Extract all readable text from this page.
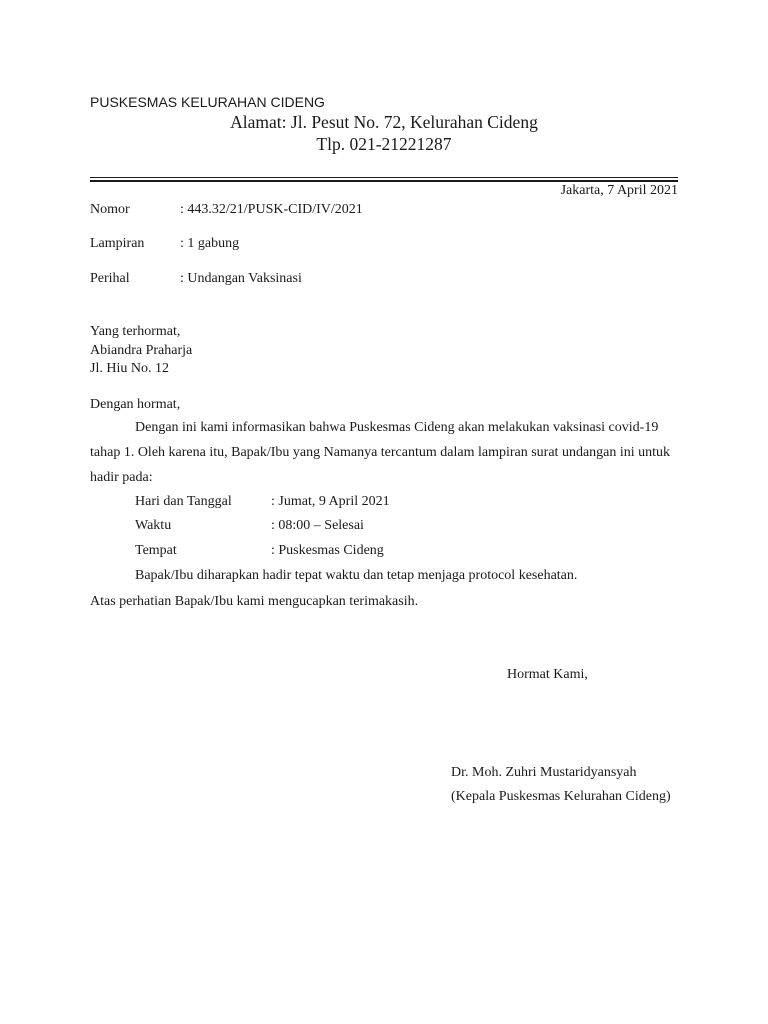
PUSKESMAS KELURAHAN CIDENG
Alamat: Jl. Pesut No. 72, Kelurahan Cideng
Tlp. 021-21221287
Jakarta, 7 April 2021
Nomor	: 443.32/21/PUSK-CID/IV/2021
Lampiran	: 1 gabung
Perihal	: Undangan Vaksinasi
Yang terhormat,
Abiandra Praharja
Jl. Hiu No. 12
Dengan hormat,
Dengan ini kami informasikan bahwa Puskesmas Cideng akan melakukan vaksinasi covid-19
tahap 1. Oleh karena itu, Bapak/Ibu yang Namanya tercantum dalam lampiran surat undangan ini untuk
hadir pada:
Hari dan Tanggal	: Jumat, 9 April 2021
Waktu	: 08:00 – Selesai
Tempat	: Puskesmas Cideng
Bapak/Ibu diharapkan hadir tepat waktu dan tetap menjaga protocol kesehatan.
Atas perhatian Bapak/Ibu kami mengucapkan terimakasih.
Hormat Kami,
Dr. Moh. Zuhri Mustaridyansyah
(Kepala Puskesmas Kelurahan Cideng)
